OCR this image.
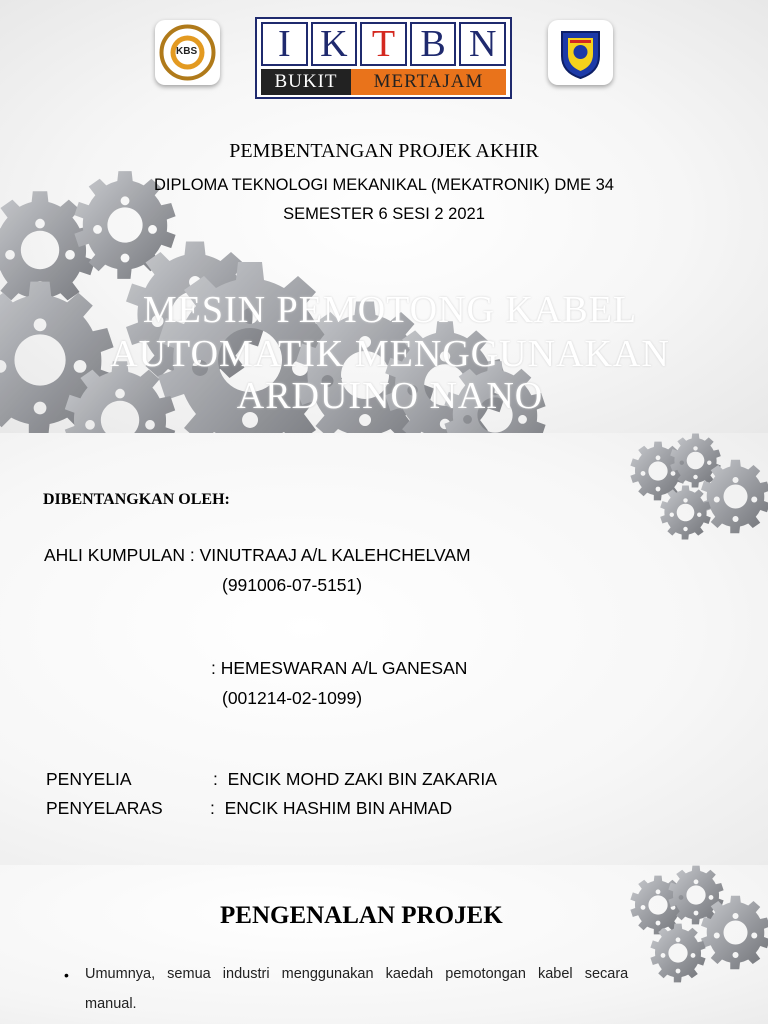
KBS	I K T B N
BUKIT	MERTAJAM
PEMBENTANGAN PROJEK AKHIR
DIPLOMA TEKNOLOGI MEKANIKAL (MEKATRONIK) DME 34
SEMESTER 6 SESI 2 2021
MESIN PEMOTONG KABEL
AUTOMATIK MENGGUNAKAN
ARDUINO NANO
DIBENTANGKAN OLEH:
AHLI KUMPULAN : VINUTRAAJ A/L KALEHCHELVAM
(991006-07-5151)
: HEMESWARAN A/L GANESAN
(001214-02-1099)
PENYELIA	:  ENCIK MOHD ZAKI BIN ZAKARIA
PENYELARAS	:  ENCIK HASHIM BIN AHMAD
PENGENALAN PROJEK
• Umumnya,   semua   industri   menggunakan   kaedah   pemotongan   kabel   secara
manual.
